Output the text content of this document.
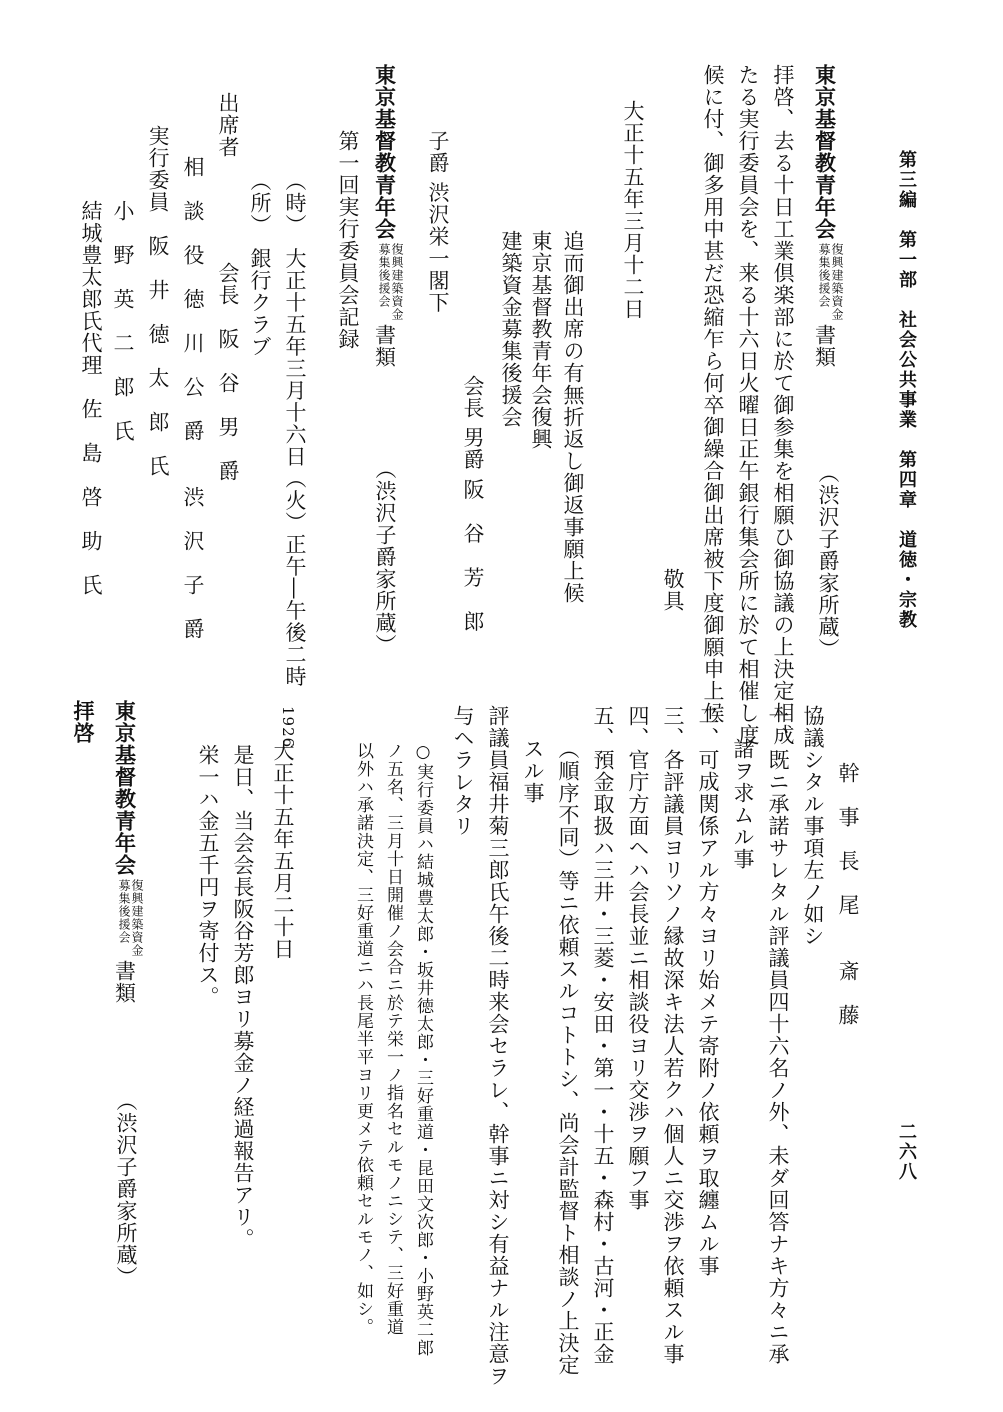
第三編　第一部　社会公共事業　第四章　道徳・宗教
二六八
東京基督教青年会復興建築資金
募集後援会書類
（渋沢子爵家所蔵）
拝啓、去る十日工業倶楽部に於て御参集を相願ひ御協議の上決定相成
たる実行委員会を、来る十六日火曜日正午銀行集会所に於て相催し度
候に付、御多用中甚だ恐縮乍ら何卒御繰合御出席被下度御願申上候
敬具
大正十五年三月十二日
追而御出席の有無折返し御返事願上候
東京基督教青年会復興
建築資金募集後援会
会長 男爵 阪　谷　芳　郎
子爵 渋沢栄一閣下
東京基督教青年会復興建築資金
募集後援会書類
（渋沢子爵家所蔵）
第一回実行委員会記録
（時）　大正十五年三月十六日（火）正午―午後二時
（所）　銀行クラブ
出席者
会長　阪　谷　男　爵
相　談　役　徳　川　公　爵　　渋　沢　子　爵
実行委員　阪　井　徳　太　郎　氏
小　野　英　二　郎　氏
結城豊太郎氏代理　佐　島　啓　助　氏
幹　事　長　尾　　斎　藤
協議シタル事項左ノ如シ
一、既ニ承諾サレタル評議員四十六名ノ外、未ダ回答ナキ方々ニ承
諸ヲ求ムル事
二、可成関係アル方々ヨリ始メテ寄附ノ依頼ヲ取纏ムル事
三、各評議員ヨリソノ縁故深キ法人若クハ個人ニ交渉ヲ依頼スル事
四、官庁方面ヘハ会長並ニ相談役ヨリ交渉ヲ願フ事
五、預金取扱ハ三井・三菱・安田・第一・十五・森村・古河・正金
（順序不同）等ニ依頼スルコトトシ、尚会計監督ト相談ノ上決定
スル事
評議員福井菊三郎氏午後二時来会セラレ、幹事ニ対シ有益ナル注意ヲ
与ヘラレタリ
○実行委員ハ結城豊太郎・坂井徳太郎・三好重道・昆田文次郎・小野英二郎
ノ五名、三月十日開催ノ会合ニ於テ栄一ノ指名セルモノニシテ、三好重道
以外ハ承諾決定、三好重道ニハ長尾半平ヨリ更メテ依頼セルモノ、如シ。
1926
大正十五年五月二十日
是日、当会会長阪谷芳郎ヨリ募金ノ経過報告アリ。
栄一ハ金五千円ヲ寄付ス。
東京基督教青年会復興建築資金
募集後援会書類
（渋沢子爵家所蔵）
拝啓
